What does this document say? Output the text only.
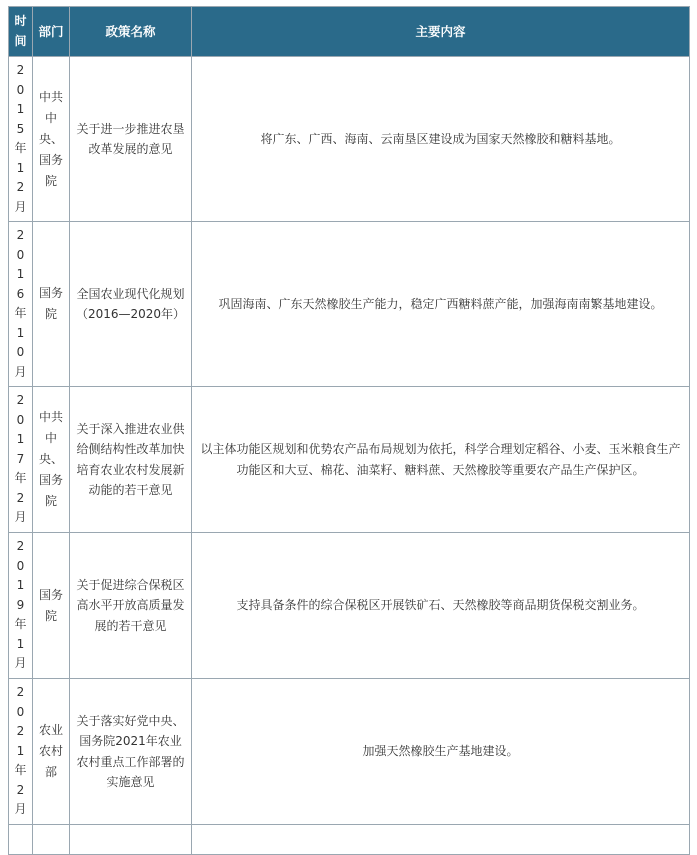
时间	部门	政策名称	主要内容

2015年12月	中共中央、国务院	关于进一步推进农垦改革发展的意见	将广东、广西、海南、云南垦区建设成为国家天然橡胶和糖料基地。

2016年10月	国务院	全国农业现代化规划（2016—2020年）	巩固海南、广东天然橡胶生产能力，稳定广西糖料蔗产能，加强海南南繁基地建设。

2017年2月	中共中央、国务院	关于深入推进农业供给侧结构性改革加快培育农业农村发展新动能的若干意见	以主体功能区规划和优势农产品布局规划为依托，科学合理划定稻谷、小麦、玉米粮食生产功能区和大豆、棉花、油菜籽、糖料蔗、天然橡胶等重要农产品生产保护区。

2019年1月	国务院	关于促进综合保税区高水平开放高质量发展的若干意见	支持具备条件的综合保税区开展铁矿石、天然橡胶等商品期货保税交割业务。

2021年2月	农业农村部	关于落实好党中央、国务院2021年农业农村重点工作部署的实施意见	加强天然橡胶生产基地建设。
